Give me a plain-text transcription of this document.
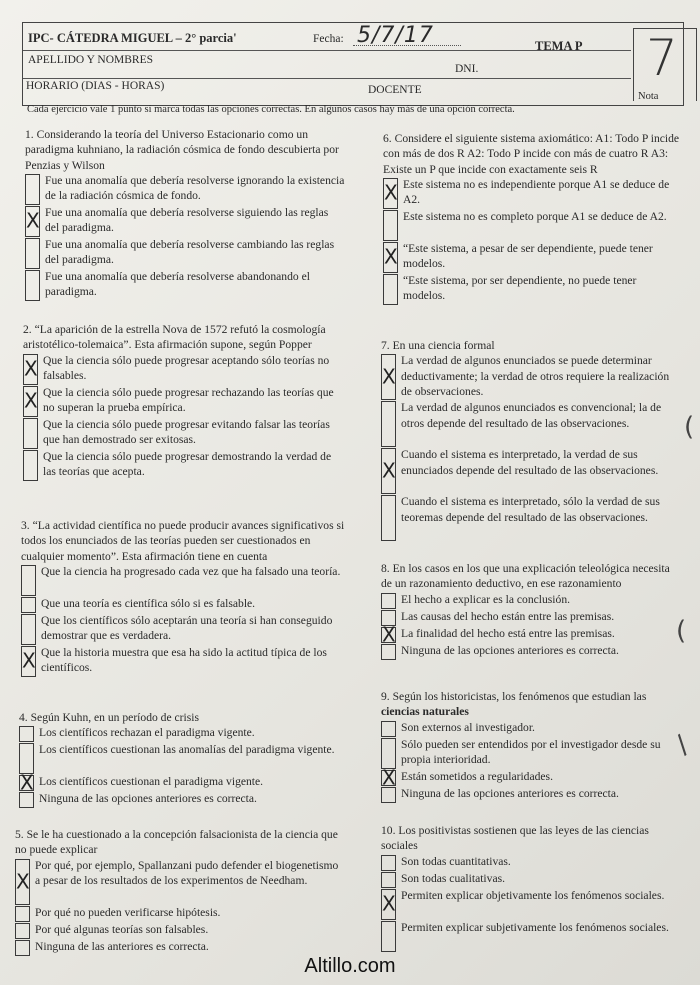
IPC- CÁTEDRA MIGUEL – 2° parcia'	Fecha: 5/7/17	TEMA P
APELLIDO Y NOMBRES
DNI.
HORARIO (DIAS - HORAS)	DOCENTE
7
Nota
Cada ejercicio vale 1 punto si marca todas las opciones correctas. En algunos casos hay más de una opción correcta.
1. Considerando la teoría del Universo Estacionario como un paradigma kuhniano, la radiación cósmica de fondo descubierta por Penzias y Wilson
Fue una anomalía que debería resolverse ignorando la existencia de la radiación cósmica de fondo.
X Fue una anomalía que debería resolverse siguiendo las reglas del paradigma.
Fue una anomalía que debería resolverse cambiando las reglas del paradigma.
Fue una anomalía que debería resolverse abandonando el paradigma.
2. “La aparición de la estrella Nova de 1572 refutó la cosmología aristotélico-tolemaica”. Esta afirmación supone, según Popper
X Que la ciencia sólo puede progresar aceptando sólo teorías no falsables.
X Que la ciencia sólo puede progresar rechazando las teorías que no superan la prueba empírica.
Que la ciencia sólo puede progresar evitando falsar las teorías que han demostrado ser exitosas.
Que la ciencia sólo puede progresar demostrando la verdad de las teorías que acepta.
3. “La actividad científica no puede producir avances significativos si todos los enunciados de las teorías pueden ser cuestionados en cualquier momento”. Esta afirmación tiene en cuenta
Que la ciencia ha progresado cada vez que ha falsado una teoría.
Que una teoría es científica sólo si es falsable.
Que los científicos sólo aceptarán una teoría si han conseguido demostrar que es verdadera.
X Que la historia muestra que esa ha sido la actitud típica de los científicos.
4. Según Kuhn, en un período de crisis
Los científicos rechazan el paradigma vigente.
Los científicos cuestionan las anomalías del paradigma vigente.
X Los científicos cuestionan el paradigma vigente.
Ninguna de las opciones anteriores es correcta.
5. Se le ha cuestionado a la concepción falsacionista de la ciencia que no puede explicar
X
Por qué, por ejemplo, Spallanzani pudo defender el biogenetismo a pesar de los resultados de los experimentos de Needham.
Por qué no pueden verificarse hipótesis.
Por qué algunas teorías son falsables.
Ninguna de las anteriores es correcta.
6. Considere el siguiente sistema axiomático: A1: Todo P incide con más de dos R A2: Todo P incide con más de cuatro R A3: Existe un P que incide con exactamente seis R
X Este sistema no es independiente porque A1 se deduce de A2.
Este sistema no es completo porque A1 se deduce de A2.
X “Este sistema, a pesar de ser dependiente, puede tener modelos.
“Este sistema, por ser dependiente, no puede tener modelos.
7. En una ciencia formal
X
La verdad de algunos enunciados se puede determinar deductivamente; la verdad de otros requiere la realización de observaciones.
La verdad de algunos enunciados es convencional; la de otros depende del resultado de las observaciones.
X
Cuando el sistema es interpretado, la verdad de sus enunciados depende del resultado de las observaciones.
Cuando el sistema es interpretado, sólo la verdad de sus teoremas depende del resultado de las observaciones.
8. En los casos en los que una explicación teleológica necesita de un razonamiento deductivo, en ese razonamiento
El hecho a explicar es la conclusión.
Las causas del hecho están entre las premisas.
X La finalidad del hecho está entre las premisas.
Ninguna de las opciones anteriores es correcta.
9. Según los historicistas, los fenómenos que estudian las ciencias naturales
Son externos al investigador.
Sólo pueden ser entendidos por el investigador desde su propia interioridad.
X Están sometidos a regularidades.
Ninguna de las opciones anteriores es correcta.
10. Los positivistas sostienen que las leyes de las ciencias sociales
Son todas cuantitativas.
Son todas cualitativas.
X Permiten explicar objetivamente los fenómenos sociales.
Permiten explicar subjetivamente los fenómenos sociales.
(
(
/
Altillo.com
